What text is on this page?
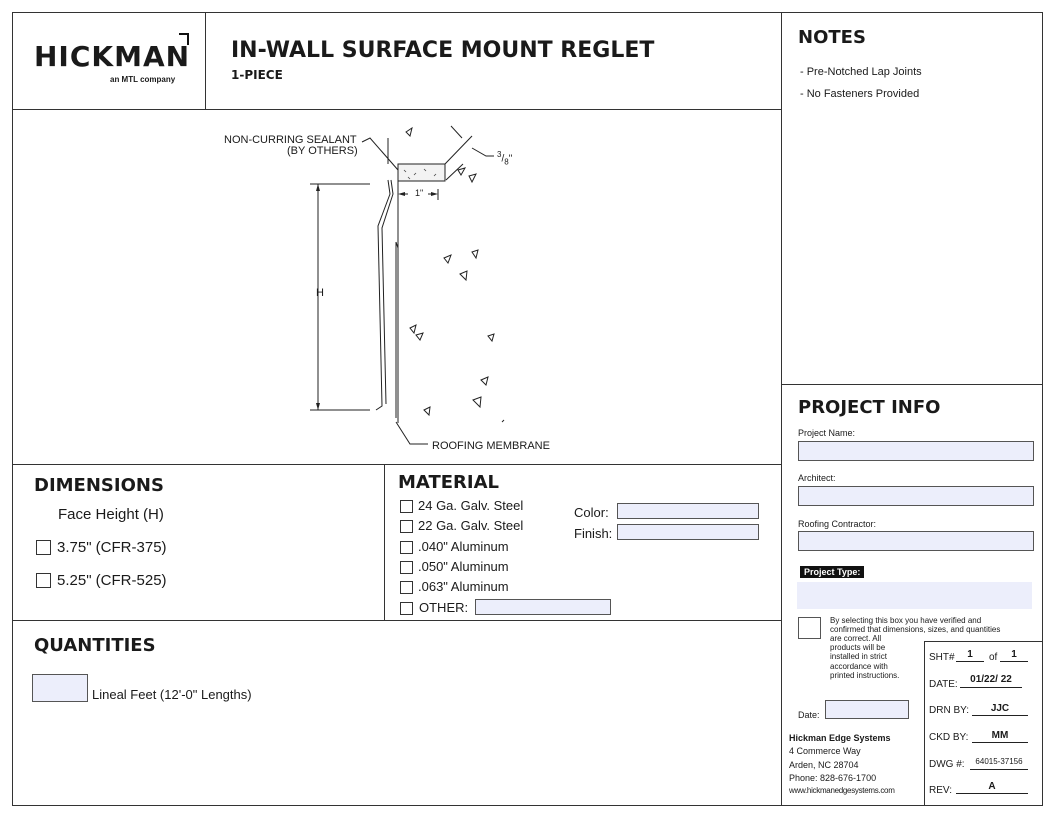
HICKMAN
an MTL company
IN-WALL SURFACE MOUNT REGLET
1-PIECE
NOTES
- Pre-Notched Lap Joints
- No Fasteners Provided
NON-CURRING SEALANT
(BY OTHERS)	$^3/_8$"
1"
H
ROOFING MEMBRANE
DIMENSIONS
Face Height (H)
3.75" (CFR-375)
5.25" (CFR-525)
MATERIAL
24 Ga. Galv. Steel
22 Ga. Galv. Steel
.040" Aluminum
.050" Aluminum
.063" Aluminum
OTHER:
Color:
Finish:
QUANTITIES
Lineal Feet (12'-0" Lengths)
PROJECT INFO
Project Name:
Architect:
Roofing Contractor:
Project Type:
By selecting this box you have verified and
confirmed that dimensions, sizes, and quantities
are correct. All
products will be
installed in strict
accordance with
printed instructions.
Date:
Hickman Edge Systems
4 Commerce Way
Arden, NC 28704
Phone: 828-676-1700
www.hickmanedgesystems.com
SHT#	1	of	1
DATE:	01/22/ 22
DRN BY:	JJC
CKD BY:	MM
DWG #:	64015-37156
REV:	A
